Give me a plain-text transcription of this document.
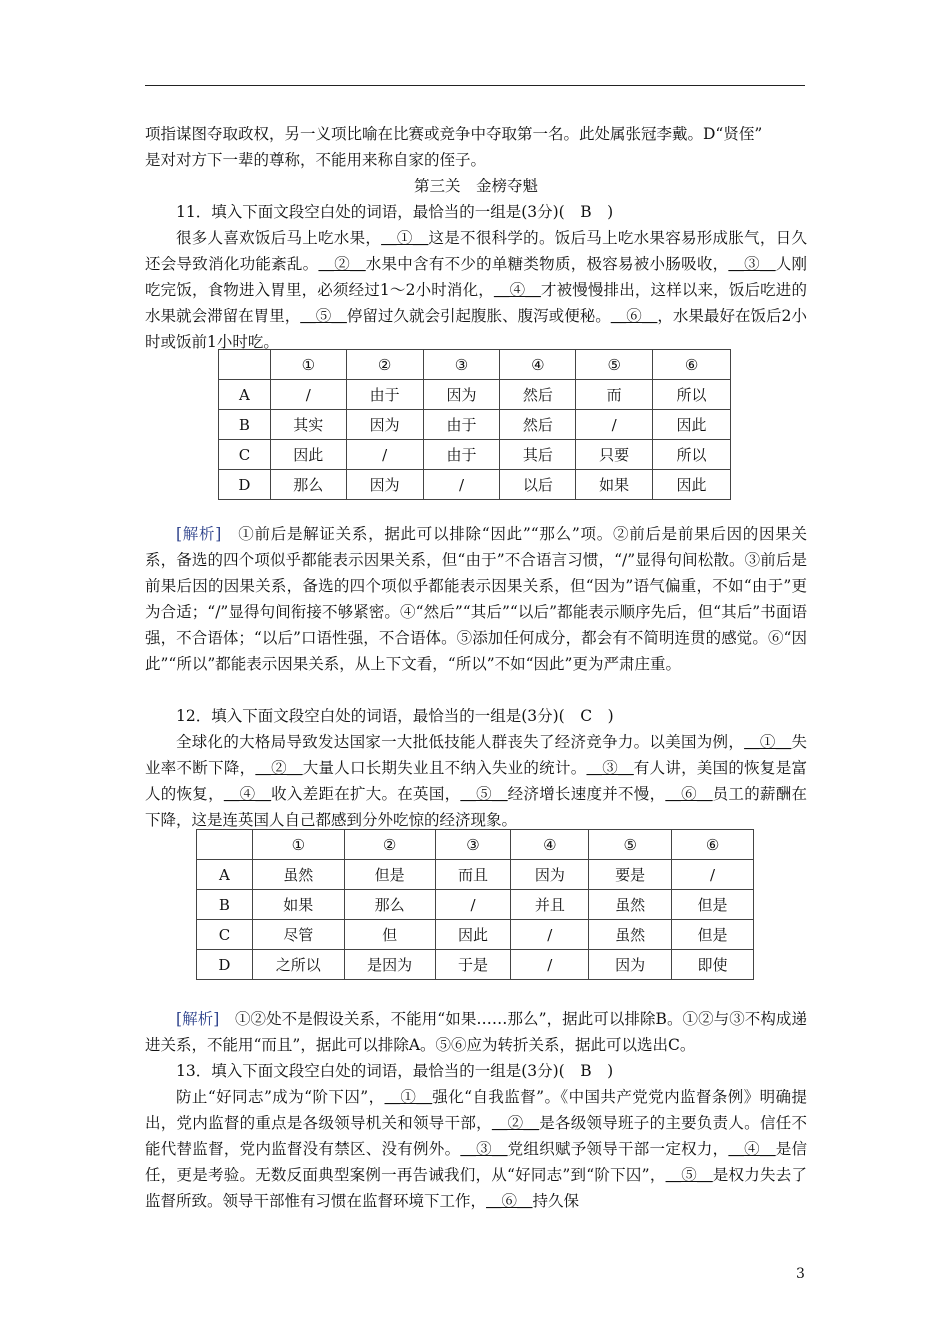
项指谋图夺取政权，另一义项比喻在比赛或竞争中夺取第一名。此处属张冠李戴。D“贤侄”

是对对方下一辈的尊称，不能用来称自家的侄子。

第三关　金榜夺魁

11．填入下面文段空白处的词语，最恰当的一组是(3分)(　B　)

很多人喜欢饭后马上吃水果，＿①＿这是不很科学的。饭后马上吃水果容易形成胀气，日久还会导致消化功能紊乱。＿②＿水果中含有不少的单糖类物质，极容易被小肠吸收，＿③＿人刚吃完饭，食物进入胃里，必须经过1～2小时消化，＿④＿才被慢慢排出，这样以来，饭后吃进的水果就会滞留在胃里，＿⑤＿停留过久就会引起腹胀、腹泻或便秘。＿⑥＿，水果最好在饭后2小时或饭前1小时吃。

	①	②	③	④	⑤	⑥
A	/	由于	因为	然后	而	所以
B	其实	因为	由于	然后	/	因此
C	因此	/	由于	其后	只要	所以
D	那么	因为	/	以后	如果	因此

[解析]　 ①前后是解证关系，据此可以排除“因此”“那么”项。②前后是前果后因的因果关系，备选的四个项似乎都能表示因果关系，但“由于”不合语言习惯，“/”显得句间松散。③前后是前果后因的因果关系，备选的四个项似乎都能表示因果关系，但“因为”语气偏重，不如“由于”更为合适；“/”显得句间衔接不够紧密。④“然后”“其后”“以后”都能表示顺序先后，但“其后”书面语强，不合语体；“以后”口语性强，不合语体。⑤添加任何成分，都会有不简明连贯的感觉。⑥“因此”“所以”都能表示因果关系，从上下文看，“所以”不如“因此”更为严肃庄重。

12．填入下面文段空白处的词语，最恰当的一组是(3分)(　C　)

全球化的大格局导致发达国家一大批低技能人群丧失了经济竞争力。以美国为例，＿①＿失业率不断下降，＿②＿大量人口长期失业且不纳入失业的统计。＿③＿有人讲，美国的恢复是富人的恢复，＿④＿收入差距在扩大。在英国，＿⑤＿经济增长速度并不慢，＿⑥＿员工的薪酬在下降，这是连英国人自己都感到分外吃惊的经济现象。

	①	②	③	④	⑤	⑥
A	虽然	但是	而且	因为	要是	/
B	如果	那么	/	并且	虽然	但是
C	尽管	但	因此	/	虽然	但是
D	之所以	是因为	于是	/	因为	即使

[解析]　 ①②处不是假设关系，不能用“如果……那么”，据此可以排除B。①②与③不构成递进关系，不能用“而且”，据此可以排除A。⑤⑥应为转折关系，据此可以选出C。

13．填入下面文段空白处的词语，最恰当的一组是(3分)(　B　)

防止“好同志”成为“阶下囚”，＿①＿强化“自我监督”。《中国共产党党内监督条例》明确提出，党内监督的重点是各级领导机关和领导干部，＿②＿是各级领导班子的主要负责人。信任不能代替监督，党内监督没有禁区、没有例外。＿③＿党组织赋予领导干部一定权力，＿④＿是信任，更是考验。无数反面典型案例一再告诫我们，从“好同志”到“阶下囚”，＿⑤＿是权力失去了监督所致。领导干部惟有习惯在监督环境下工作，＿⑥＿持久保

3
